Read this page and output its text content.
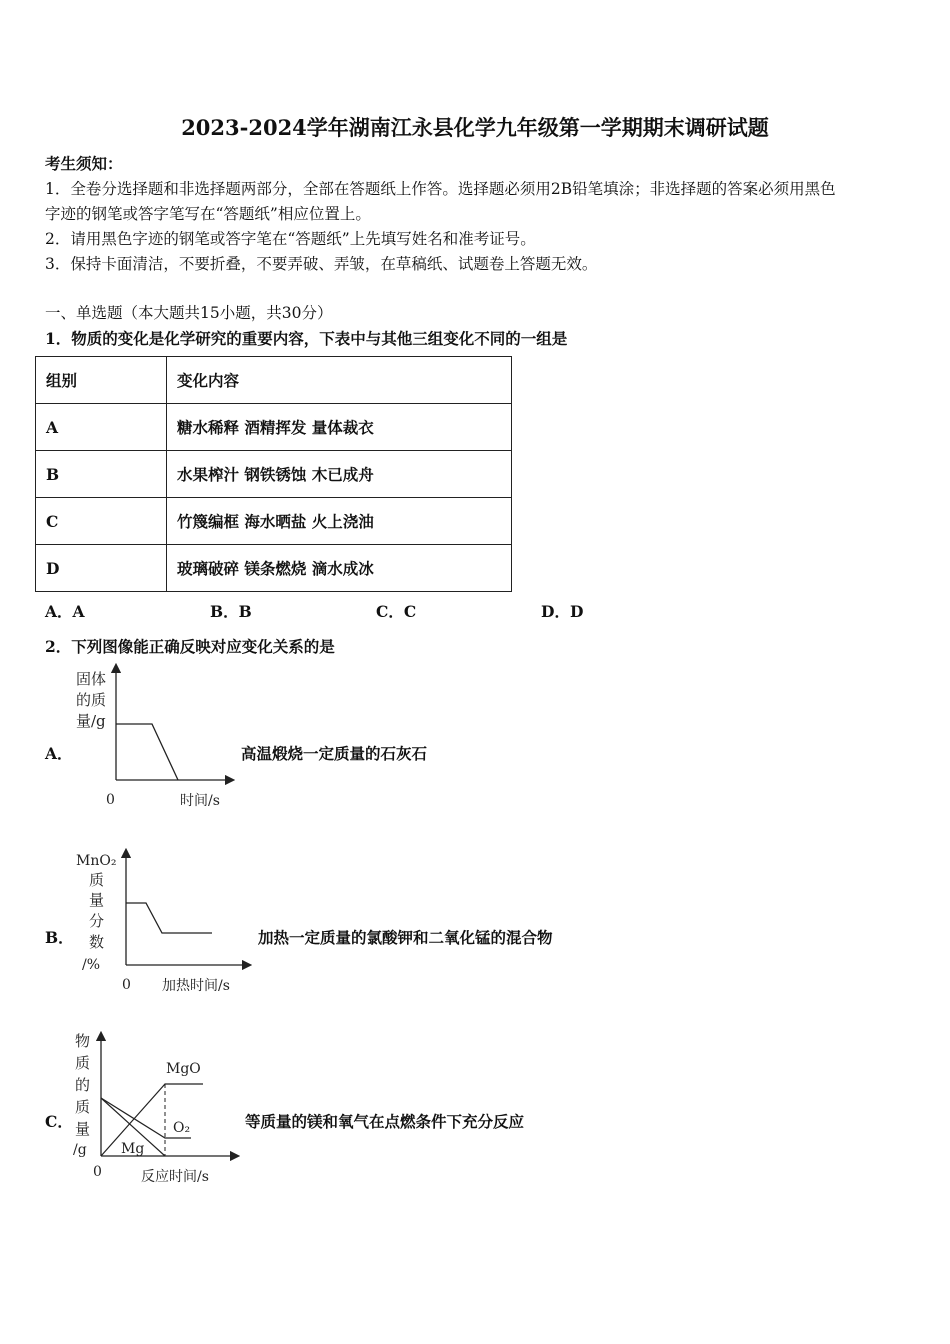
2023-2024学年湖南江永县化学九年级第一学期期末调研试题
考生须知：
1．全卷分选择题和非选择题两部分，全部在答题纸上作答。选择题必须用2B铅笔填涂；非选择题的答案必须用黑色
字迹的钢笔或答字笔写在“答题纸”相应位置上。
2．请用黑色字迹的钢笔或答字笔在“答题纸”上先填写姓名和准考证号。
3．保持卡面清洁，不要折叠，不要弄破、弄皱，在草稿纸、试题卷上答题无效。
一、单选题（本大题共15小题，共30分）
1．物质的变化是化学研究的重要内容，下表中与其他三组变化不同的一组是
组别	变化内容
A	糖水稀释 酒精挥发 量体裁衣
B	水果榨汁 钢铁锈蚀 木已成舟
C	竹篾编框 海水晒盐 火上浇油
D	玻璃破碎 镁条燃烧 滴水成冰
A．A	B．B	C．C	D．D
2．下列图像能正确反映对应变化关系的是
A．
固体
的质
量/g
0	时间/s
高温煅烧一定质量的石灰石
B．
MnO₂
质
量
分
数
/%
0 加热时间/s
加热一定质量的氯酸钾和二氧化锰的混合物
C．
MgO
O₂
Mg
物
质
的
质
量
/g
0	反应时间/s
等质量的镁和氧气在点燃条件下充分反应
